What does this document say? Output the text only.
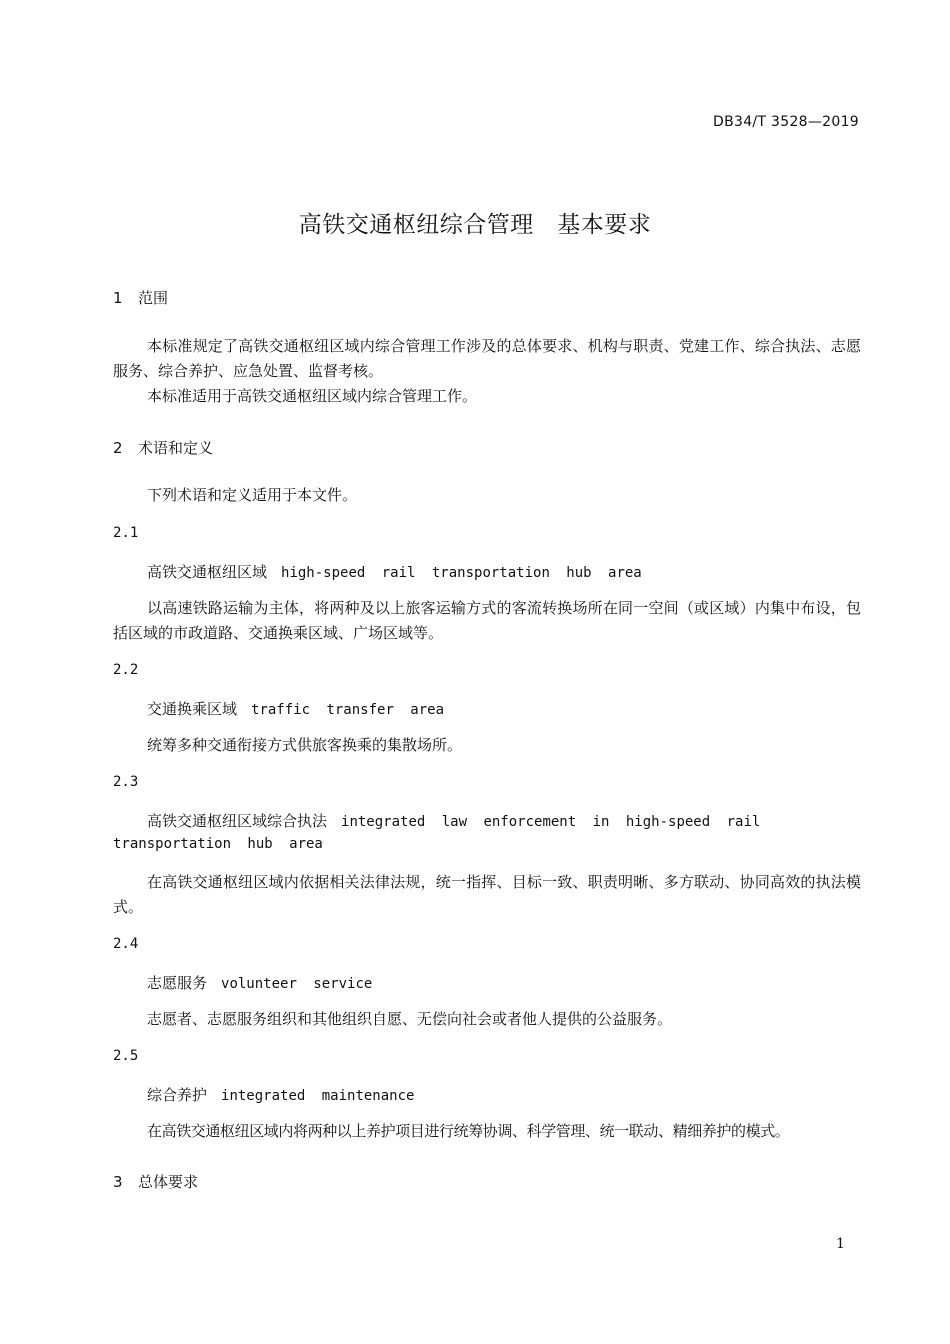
DB34/T 3528—2019
高铁交通枢纽综合管理　基本要求
1 范围
本标准规定了高铁交通枢纽区域内综合管理工作涉及的总体要求、机构与职责、党建工作、综合执法、志愿服务、综合养护、应急处置、监督考核。
本标准适用于高铁交通枢纽区域内综合管理工作。
2 术语和定义
下列术语和定义适用于本文件。
2.1
高铁交通枢纽区域 high-speed rail transportation hub area
以高速铁路运输为主体，将两种及以上旅客运输方式的客流转换场所在同一空间（或区域）内集中布设，包括区域的市政道路、交通换乘区域、广场区域等。
2.2
交通换乘区域 traffic transfer area
统筹多种交通衔接方式供旅客换乘的集散场所。
2.3
高铁交通枢纽区域综合执法 integrated law enforcement in high-speed rail
transportation hub area
在高铁交通枢纽区域内依据相关法律法规，统一指挥、目标一致、职责明晰、多方联动、协同高效的执法模式。
2.4
志愿服务 volunteer service
志愿者、志愿服务组织和其他组织自愿、无偿向社会或者他人提供的公益服务。
2.5
综合养护 integrated maintenance
在高铁交通枢纽区域内将两种以上养护项目进行统筹协调、科学管理、统一联动、精细养护的模式。
3 总体要求
1
